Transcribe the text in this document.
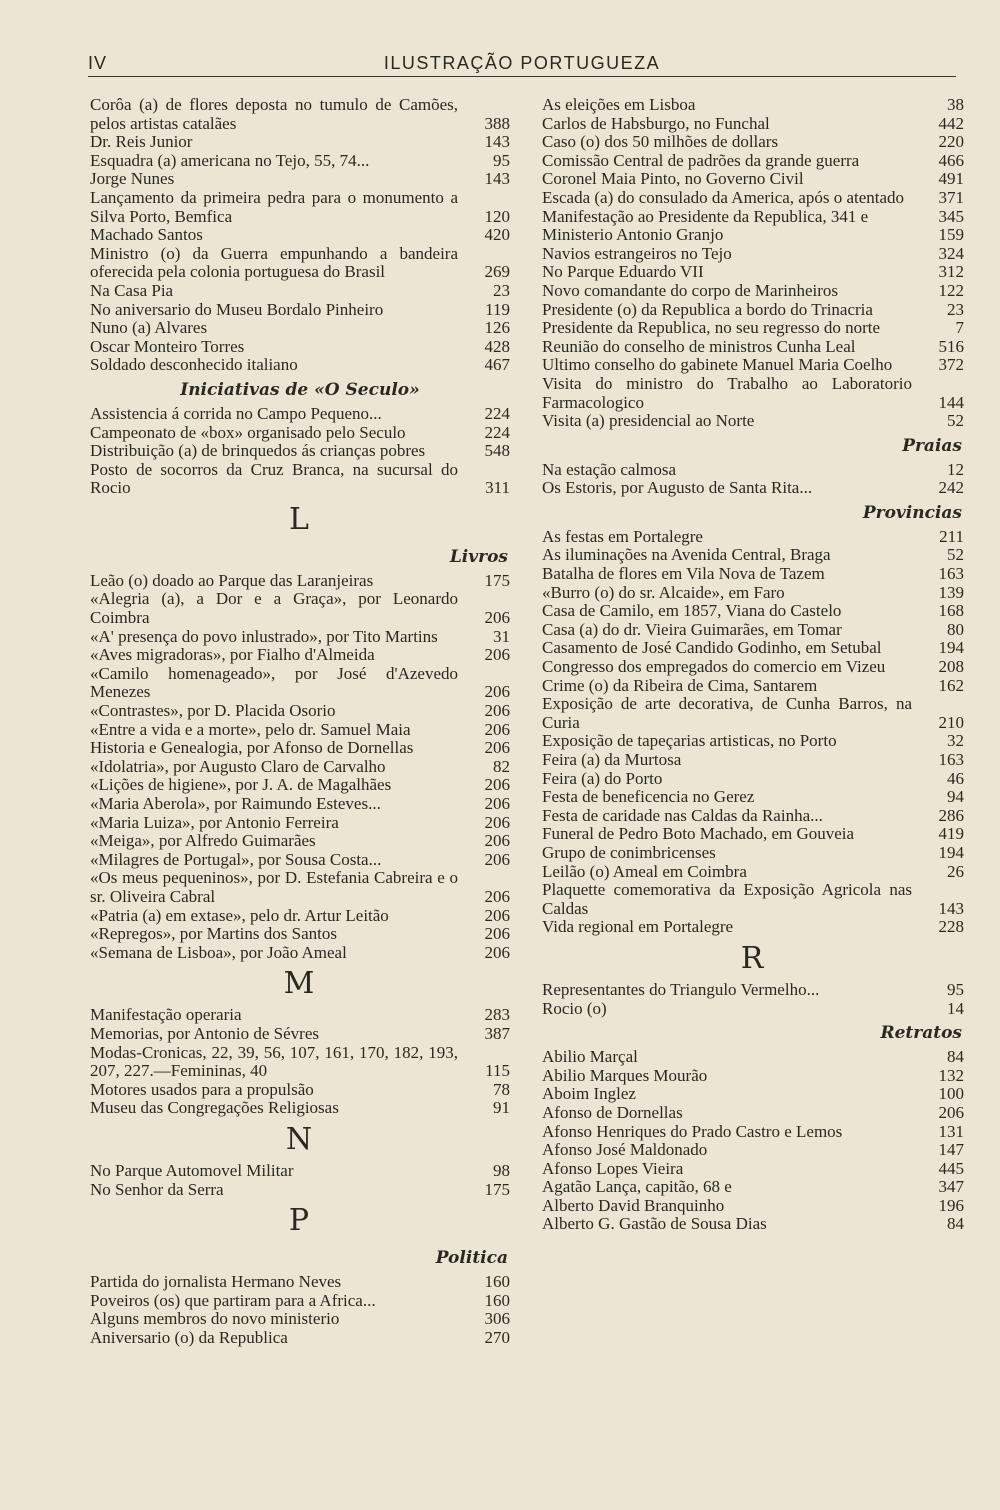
IV	ILUSTRAÇÃO PORTUGUEZA
Corôa (a) de flores deposta no tumulo de Camões, pelos artistas catalães	388
Dr. Reis Junior	143
Esquadra (a) americana no Tejo, 55, 74...	95
Jorge Nunes	143
Lançamento da primeira pedra para o monumento a Silva Porto, Bemfica	120
Machado Santos	420
Ministro (o) da Guerra empunhando a bandeira oferecida pela colonia portuguesa do Brasil	269
Na Casa Pia	23
No aniversario do Museu Bordalo Pinheiro	119
Nuno (a) Alvares	126
Oscar Monteiro Torres	428
Soldado desconhecido italiano	467
Iniciativas de «O Seculo»
Assistencia á corrida no Campo Pequeno...	224
Campeonato de «box» organisado pelo Seculo	224
Distribuição (a) de brinquedos ás crianças pobres	548
Posto de socorros da Cruz Branca, na sucursal do Rocio	311
L
Livros
Leão (o) doado ao Parque das Laranjeiras	175
«Alegria (a), a Dor e a Graça», por Leonardo Coimbra	206
«A' presença do povo inlustrado», por Tito Martins	31
«Aves migradoras», por Fialho d'Almeida	206
«Camilo homenageado», por José d'Azevedo Menezes	206
«Contrastes», por D. Placida Osorio	206
«Entre a vida e a morte», pelo dr. Samuel Maia	206
Historia e Genealogia, por Afonso de Dornellas	206
«Idolatria», por Augusto Claro de Carvalho	82
«Lições de higiene», por J. A. de Magalhães	206
«Maria Aberola», por Raimundo Esteves...	206
«Maria Luiza», por Antonio Ferreira	206
«Meiga», por Alfredo Guimarães	206
«Milagres de Portugal», por Sousa Costa...	206
«Os meus pequeninos», por D. Estefania Cabreira e o sr. Oliveira Cabral	206
«Patria (a) em extase», pelo dr. Artur Leitão	206
«Repregos», por Martins dos Santos	206
«Semana de Lisboa», por João Ameal	206
M
Manifestação operaria	283
Memorias, por Antonio de Sévres	387
Modas-Cronicas, 22, 39, 56, 107, 161, 170, 182, 193, 207, 227.—Femininas, 40	115
Motores usados para a propulsão	78
Museu das Congregações Religiosas	91
N
No Parque Automovel Militar	98
No Senhor da Serra	175
P
Politica
Partida do jornalista Hermano Neves	160
Poveiros (os) que partiram para a Africa...	160
Alguns membros do novo ministerio	306
Aniversario (o) da Republica	270
As eleições em Lisboa	38
Carlos de Habsburgo, no Funchal	442
Caso (o) dos 50 milhões de dollars	220
Comissão Central de padrões da grande guerra	466
Coronel Maia Pinto, no Governo Civil	491
Escada (a) do consulado da America, após o atentado	371
Manifestação ao Presidente da Republica, 341 e	345
Ministerio Antonio Granjo	159
Navios estrangeiros no Tejo	324
No Parque Eduardo VII	312
Novo comandante do corpo de Marinheiros	122
Presidente (o) da Republica a bordo do Trinacria	23
Presidente da Republica, no seu regresso do norte	7
Reunião do conselho de ministros Cunha Leal	516
Ultimo conselho do gabinete Manuel Maria Coelho	372
Visita do ministro do Trabalho ao Laboratorio Farmacologico	144
Visita (a) presidencial ao Norte	52
Praias
Na estação calmosa	12
Os Estoris, por Augusto de Santa Rita...	242
Provincias
As festas em Portalegre	211
As iluminações na Avenida Central, Braga	52
Batalha de flores em Vila Nova de Tazem	163
«Burro (o) do sr. Alcaide», em Faro	139
Casa de Camilo, em 1857, Viana do Castelo	168
Casa (a) do dr. Vieira Guimarães, em Tomar	80
Casamento de José Candido Godinho, em Setubal	194
Congresso dos empregados do comercio em Vizeu	208
Crime (o) da Ribeira de Cima, Santarem	162
Exposição de arte decorativa, de Cunha Barros, na Curia	210
Exposição de tapeçarias artisticas, no Porto	32
Feira (a) da Murtosa	163
Feira (a) do Porto	46
Festa de beneficencia no Gerez	94
Festa de caridade nas Caldas da Rainha...	286
Funeral de Pedro Boto Machado, em Gouveia	419
Grupo de conimbricenses	194
Leilão (o) Ameal em Coimbra	26
Plaquette comemorativa da Exposição Agricola nas Caldas	143
Vida regional em Portalegre	228
R
Representantes do Triangulo Vermelho...	95
Rocio (o)	14
Retratos
Abilio Marçal	84
Abilio Marques Mourão	132
Aboim Inglez	100
Afonso de Dornellas	206
Afonso Henriques do Prado Castro e Lemos	131
Afonso José Maldonado	147
Afonso Lopes Vieira	445
Agatão Lança, capitão, 68 e	347
Alberto David Branquinho	196
Alberto G. Gastão de Sousa Dias	84
